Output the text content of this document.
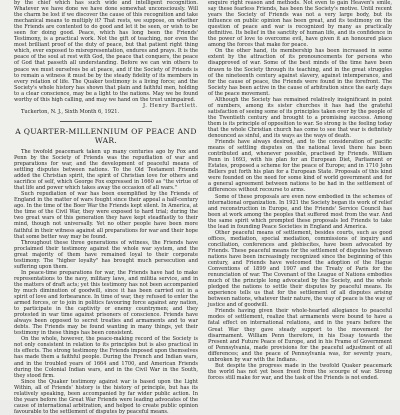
by the chief which has such wide and intelligent recognition. Whatever we have done we have done somewhat unconsciously. Will the charm be lost if we discover the cause of this recognition and take mechanical means to multiply it? That rests, we suppose, on whether the Friends are contented to do good and let it be seen, or wish to be seen for doing good. Peace, which has long been the Friends' Testimony, is a practical work. Not the gift of teaching, nor even the most brilliant proof of the duty of peace, but that patient right thing which, ever exposed to misrepresentation, endures and prays. It is the peace of the soul at rest with God, the peace that conquers, the peace of God that passeth all understanding. Before we can win others to peace we must ourselves be at peace, and if the Society of Friends is to remain a witness it must be by the steady fidelity of its members in every relation of life. The Quaker testimony is a living force; and the Society's whole history has shown that plain and faithful men, holding to a clear conscience, may be a light to the nations. May we be found worthy of this high calling, and may we hand on the trust unimpaired.

J. Henry Bartlett.

Tuckerton, N. J., Sixth Month 6, 1921.

A QUARTER-MILLENNIUM OF PEACE AND WAR.

The twofold peacemark taken up many centuries ago by Fox and Penn by the Society of Friends was the repudiation of war and preparations for war, and the development of peaceful means of settling disputes between nations. To the Old Testament Friends added the Christian spirit, the spirit of Christian love for others and sacrifice of self, which George Fox expressed in 1660 as "the virtue of that life and power which takes away the occasion of all wars."

Such repudiation of war has been exemplified by the Friends of England in the matter of wars fought since their appeal a half-century ago. In the time of the Boer War the Friends kept silent. In America, at the time of the Civil War, they were exposed to hard trial; during the two great wars of this generation they have kept steadfastly to their mind, though not universally. Yet no other people have been more faithful in their witness against all preparations for war and their hope that some better way may be found.

Throughout these three generations of witness, the Friends have proclaimed their testimony against the whole war system, and the great majority of them have remained loyal to their corporate testimony. The "higher loyalty" has brought much persecution and suffering upon them.

In peace-time preparations for war, the Friends have had to make representations to the navy, military laws, and militia service, and in the matters of draft acts; yet this testimony has not been accompanied by much diminution of goodwill, since it has been carried out in a spirit of love and forbearance. In time of war, they refused to enter the armed forces, or to join in politics favouring force against any nation, to participate in the captivity or enemy countrymen; and they protested in war time against prisoners of conscience. Friends have always been opposed to secret treaties and armaments and to war debts. The Friends may be found wanting in many things, yet their testimony in these things has been consistent.

On the whole, however, the peace-making record of the Society is not only consistent in relation to its principles but is also practical in its effects. The strong testimony the Friends imposed upon themselves has made them a faithful people. During the French and Indian wars, and in the troubled years of 1664 and 1700, and American Friends during the Colonial Indian wars, and in the Civil War in the South, they stood firm.

Since the Quaker testimony against war is based upon the Light Within, all of Friends' history is the history of principle, but has its relatively speaking, been accompanied by far wider public action. In the years before the Great War Friends were leading advocates of the cause of international arbitration, and helped to create public opinion favourable to the settlement of disputes by peaceful means.

enquire right reason and methods. Not even to gain Heaven's smile, say these fearless Friends, has been the Society's motive. Until recent years the Society of Friends was not a very large body, but its influence on public opinion has been great, and its testimony on the question of peace and war is recognized by many as practically definitive. Its belief in the sanctity of human life, and its confidence in the power of love to overcome evil, have given it an honoured place among the forces that make for peace.

On the other hand, its membership has been increased in some extent by the attraction of its pronouncements for persons who disapproved of war. Some of the best minds of the time have been drawn to the Society through its teaching, and in the great struggles of the nineteenth century against slavery, against intemperance, and for the cause of peace, the Friends were found in the forefront. The Society has been active in the cause of arbitration since the early days of the peace movement.

Although the Society has remained relatively insignificant in point of numbers, among its sister churches it has had the grateful satisfaction of seeing some of its principles taken over by the people of the Twentieth century and brought to a promising success. Among them is its principle of opposition to war. So strong is the feeling today that the whole Christian church has come to see that war is definitely denounced as sinful, and its ways as the ways of death.

Friends have always desired, and to the consideration of pacific means of settling disputes on the national level there has been contributed and, whenever possible, practised by Friends. William Penn in 1693, with his plan for an European Diet, Parliament or Estates, proposed a scheme for the peace of Europe; and in 1710 John Bellers put forth his plan for a European State. Proposals of this kind were founded on the need for some kind of world government and for a general agreement between nations to be had in the settlement of differences without recourse to arms.

Some of these proposals are even now embodied in the schemes of international organization. In 1921 the Society began its work of relief and reconstruction in Europe, and the Friends' Service Council has been at work among the peoples that suffered most from the war. And the same spirit which prompted these proposals led Friends to take the lead in founding Peace Societies in England and America.

Other peaceful means of settlement, besides courts, such as good offices, mediation, special mediation, commissions of inquiry and conciliation, conferences and plebiscites, have been advocated by Friends. These peaceful means for the settlement of disputes between nations have been increasingly recognized since the beginning of this century, and Friends have welcomed the adoption of the Hague Conventions of 1899 and 1907 and the Treaty of Paris for the renunciation of war. The Covenant of the League of Nations embodies much of the principle long advocated by the Society, and the whole pledged the nations to settle their disputes by peaceful means. Its experience tells us that for the settlement of all disputes arising between nations, whatever their nature, the way of peace is the way of justice and of goodwill.

Friends having given their whole-hearted allegiance to peaceful modes of settlement, realize that armaments were bound to have a fatal effect on international relations, and in the years before the Great War they gave steady support to the movement for disarmament. William Penn therefore, in his Essay towards the Present and Future Peace of Europe, and in his Frame of Government of Pennsylvania, made provisions for the peaceful adjustment of all differences; and the peace of Pennsylvania was, for seventy years, unbroken by war with the Indians.

But despite the progress made in the twofold Quaker peacemark the world has not yet been freed from the scourge of war. Strong forces still make for war, and the task of the Friends is not ended.
